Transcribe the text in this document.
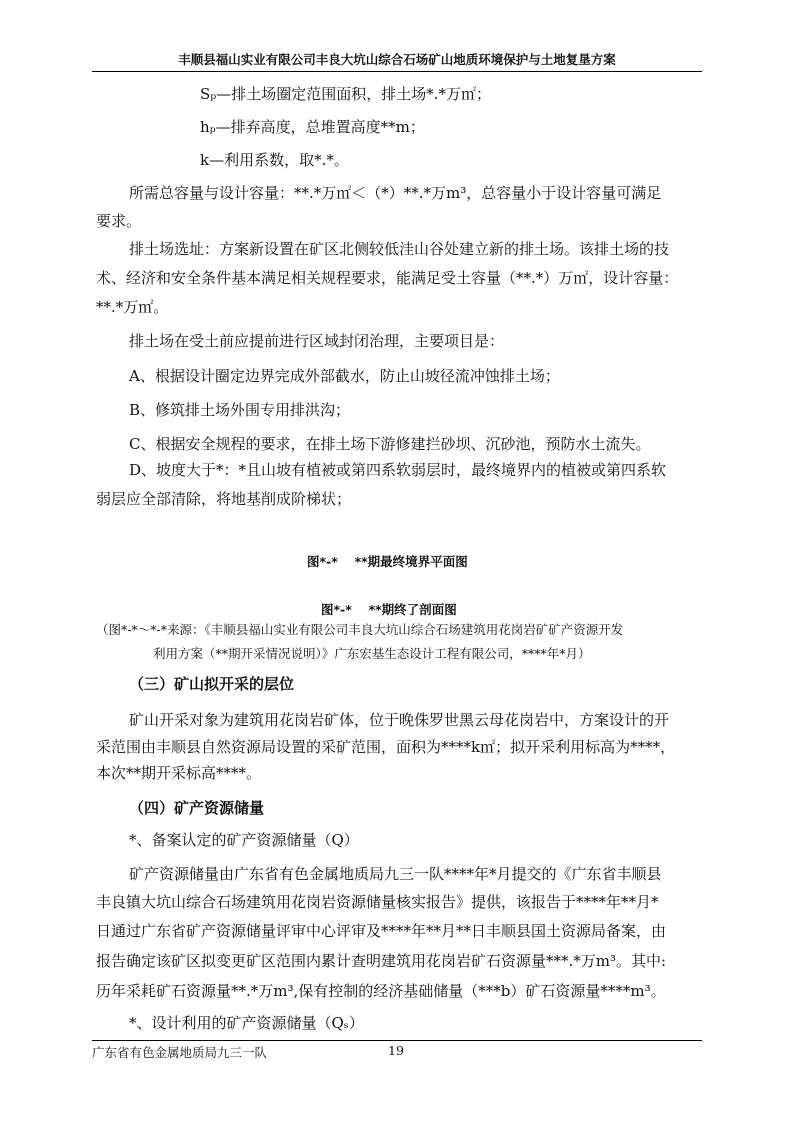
丰顺县福山实业有限公司丰良大坑山综合石场矿山地质环境保护与土地复垦方案
Sₚ—排土场圈定范围面积，排土场*.*万㎡；
hₚ—排弃高度，总堆置高度**m；
k—利用系数，取*.*。
所需总容量与设计容量：**.*万㎡＜（*）**.*万m³，总容量小于设计容量可满足
要求。
排土场选址：方案新设置在矿区北侧较低洼山谷处建立新的排土场。该排土场的技
术、经济和安全条件基本满足相关规程要求，能满足受土容量（**.*）万㎡，设计容量：
**.*万㎡。
排土场在受土前应提前进行区域封闭治理，主要项目是：
A、根据设计圈定边界完成外部截水，防止山坡径流冲蚀排土场；
B、修筑排土场外围专用排洪沟；
C、根据安全规程的要求，在排土场下游修建拦砂坝、沉砂池，预防水土流失。
D、坡度大于*：*且山坡有植被或第四系软弱层时，最终境界内的植被或第四系软
弱层应全部清除，将地基削成阶梯状；
图*-*　 **期最终境界平面图
图*-*　 **期终了剖面图
（图*-*～*-*来源：《丰顺县福山实业有限公司丰良大坑山综合石场建筑用花岗岩矿矿产资源开发
利用方案（**期开采情况说明）》广东宏基生态设计工程有限公司，****年*月）
（三）矿山拟开采的层位
矿山开采对象为建筑用花岗岩矿体，位于晚侏罗世黑云母花岗岩中，方案设计的开
采范围由丰顺县自然资源局设置的采矿范围，面积为****k㎡；拟开采利用标高为****，
本次**期开采标高****。
（四）矿产资源储量
*、备案认定的矿产资源储量（Q）
矿产资源储量由广东省有色金属地质局九三一队****年*月提交的《广东省丰顺县
丰良镇大坑山综合石场建筑用花岗岩资源储量核实报告》提供，该报告于****年**月*
日通过广东省矿产资源储量评审中心评审及****年**月**日丰顺县国土资源局备案，由
报告确定该矿区拟变更矿区范围内累计查明建筑用花岗岩矿石资源量***.*万m³。其中:
历年采耗矿石资源量**.*万m³,保有控制的经济基础储量（***b）矿石资源量****m³。
*、设计利用的矿产资源储量（Qₛ）
广东省有色金属地质局九三一队	19
